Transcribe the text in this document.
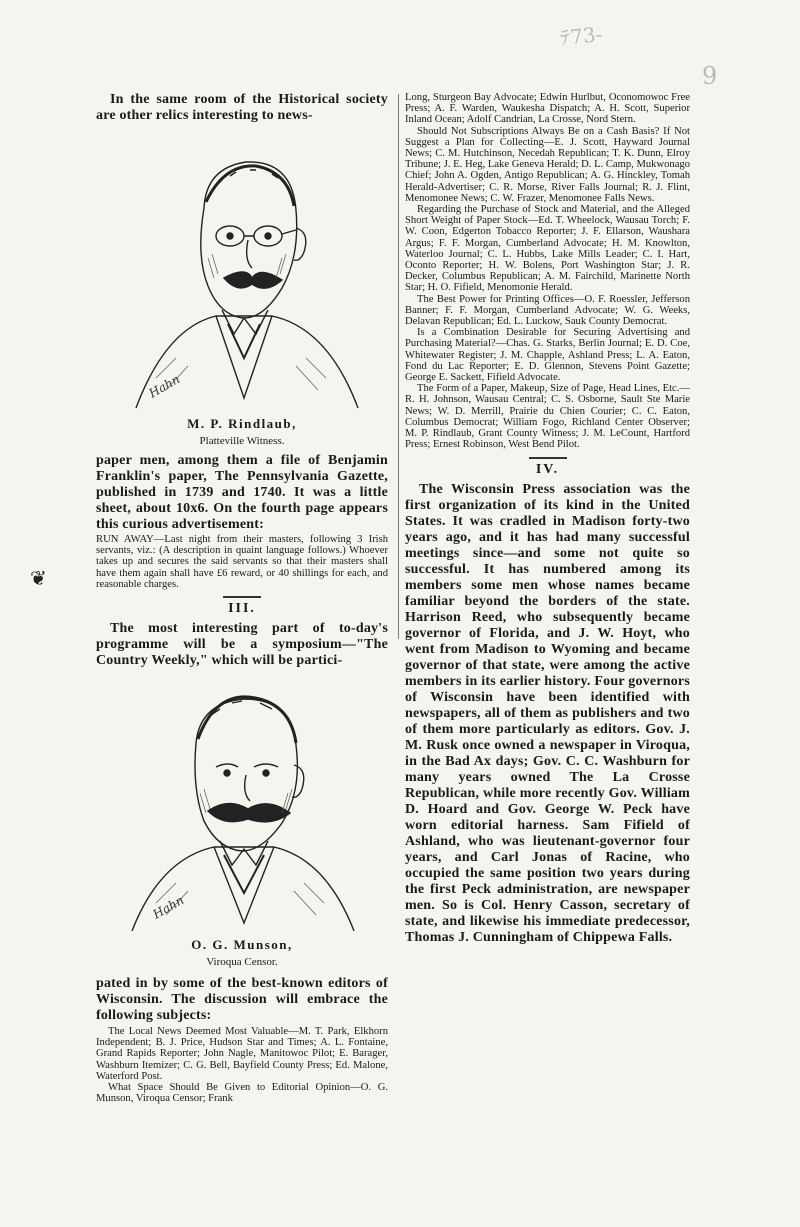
ﾃ73-
9
❦

In the same room of the Historical society are other relics interesting to news-

Hahn
M. P. Rindlaub,
Platteville Witness.

paper men, among them a file of Benjamin Franklin's paper, The Pennsylvania Gazette, published in 1739 and 1740. It was a little sheet, about 10x6. On the fourth page appears this curious advertisement:

RUN AWAY—Last night from their masters, following 3 Irish servants, viz.: (A description in quaint language follows.) Whoever takes up and secures the said servants so that their masters shall have them again shall have £6 reward, or 40 shillings for each, and reasonable charges.

III.

The most interesting part of to-day's programme will be a symposium—"The Country Weekly," which will be partici-

Hahn
O. G. Munson,
Viroqua Censor.

pated in by some of the best-known editors of Wisconsin. The discussion will embrace the following subjects:

The Local News Deemed Most Valuable—M. T. Park, Elkhorn Independent; B. J. Price, Hudson Star and Times; A. L. Fontaine, Grand Rapids Reporter; John Nagle, Manitowoc Pilot; E. Barager, Washburn Itemizer; C. G. Bell, Bayfield County Press; Ed. Malone, Waterford Post.

What Space Should Be Given to Editorial Opinion—O. G. Munson, Viroqua Censor; Frank

Long, Sturgeon Bay Advocate; Edwin Hurlbut, Oconomowoc Free Press; A. F. Warden, Waukesha Dispatch; A. H. Scott, Superior Inland Ocean; Adolf Candrian, La Crosse, Nord Stern.

Should Not Subscriptions Always Be on a Cash Basis? If Not Suggest a Plan for Collecting—E. J. Scott, Hayward Journal News; C. M. Hutchinson, Necedah Republican; T. K. Dunn, Elroy Tribune; J. E. Heg, Lake Geneva Herald; D. L. Camp, Mukwonago Chief; John A. Ogden, Antigo Republican; A. G. Hinckley, Tomah Herald-Advertiser; C. R. Morse, River Falls Journal; R. J. Flint, Menomonee News; C. W. Frazer, Menomonee Falls News.

Regarding the Purchase of Stock and Material, and the Alleged Short Weight of Paper Stock—Ed. T. Wheelock, Wausau Torch; F. W. Coon, Edgerton Tobacco Reporter; J. F. Ellarson, Waushara Argus; F. F. Morgan, Cumberland Advocate; H. M. Knowlton, Waterloo Journal; C. L. Hubbs, Lake Mills Leader; C. I. Hart, Oconto Reporter; H. W. Bolens, Port Washington Star; J. R. Decker, Columbus Republican; A. M. Fairchild, Marinette North Star; H. O. Fifield, Menomonie Herald.

The Best Power for Printing Offices—O. F. Roessler, Jefferson Banner; F. F. Morgan, Cumberland Advocate; W. G. Weeks, Delavan Republican; Ed. L. Luckow, Sauk County Democrat.

Is a Combination Desirable for Securing Advertising and Purchasing Material?—Chas. G. Starks, Berlin Journal; E. D. Coe, Whitewater Register; J. M. Chapple, Ashland Press; L. A. Eaton, Fond du Lac Reporter; E. D. Glennon, Stevens Point Gazette; George E. Sackett, Fifield Advocate.

The Form of a Paper, Makeup, Size of Page, Head Lines, Etc.—R. H. Johnson, Wausau Central; C. S. Osborne, Sault Ste Marie News; W. D. Merrill, Prairie du Chien Courier; C. C. Eaton, Columbus Democrat; William Fogo, Richland Center Observer; M. P. Rindlaub, Grant County Witness; J. M. LeCount, Hartford Press; Ernest Robinson, West Bend Pilot.

IV.

The Wisconsin Press association was the first organization of its kind in the United States. It was cradled in Madison forty-two years ago, and it has had many successful meetings since—and some not quite so successful. It has numbered among its members some men whose names became familiar beyond the borders of the state. Harrison Reed, who subsequently became governor of Florida, and J. W. Hoyt, who went from Madison to Wyoming and became governor of that state, were among the active members in its earlier history. Four governors of Wisconsin have been identified with newspapers, all of them as publishers and two of them more particularly as editors. Gov. J. M. Rusk once owned a newspaper in Viroqua, in the Bad Ax days; Gov. C. C. Washburn for many years owned The La Crosse Republican, while more recently Gov. William D. Hoard and Gov. George W. Peck have worn editorial harness. Sam Fifield of Ashland, who was lieutenant-governor four years, and Carl Jonas of Racine, who occupied the same position two years during the first Peck administration, are newspaper men. So is Col. Henry Casson, secretary of state, and likewise his immediate predecessor, Thomas J. Cunningham of Chippewa Falls.
